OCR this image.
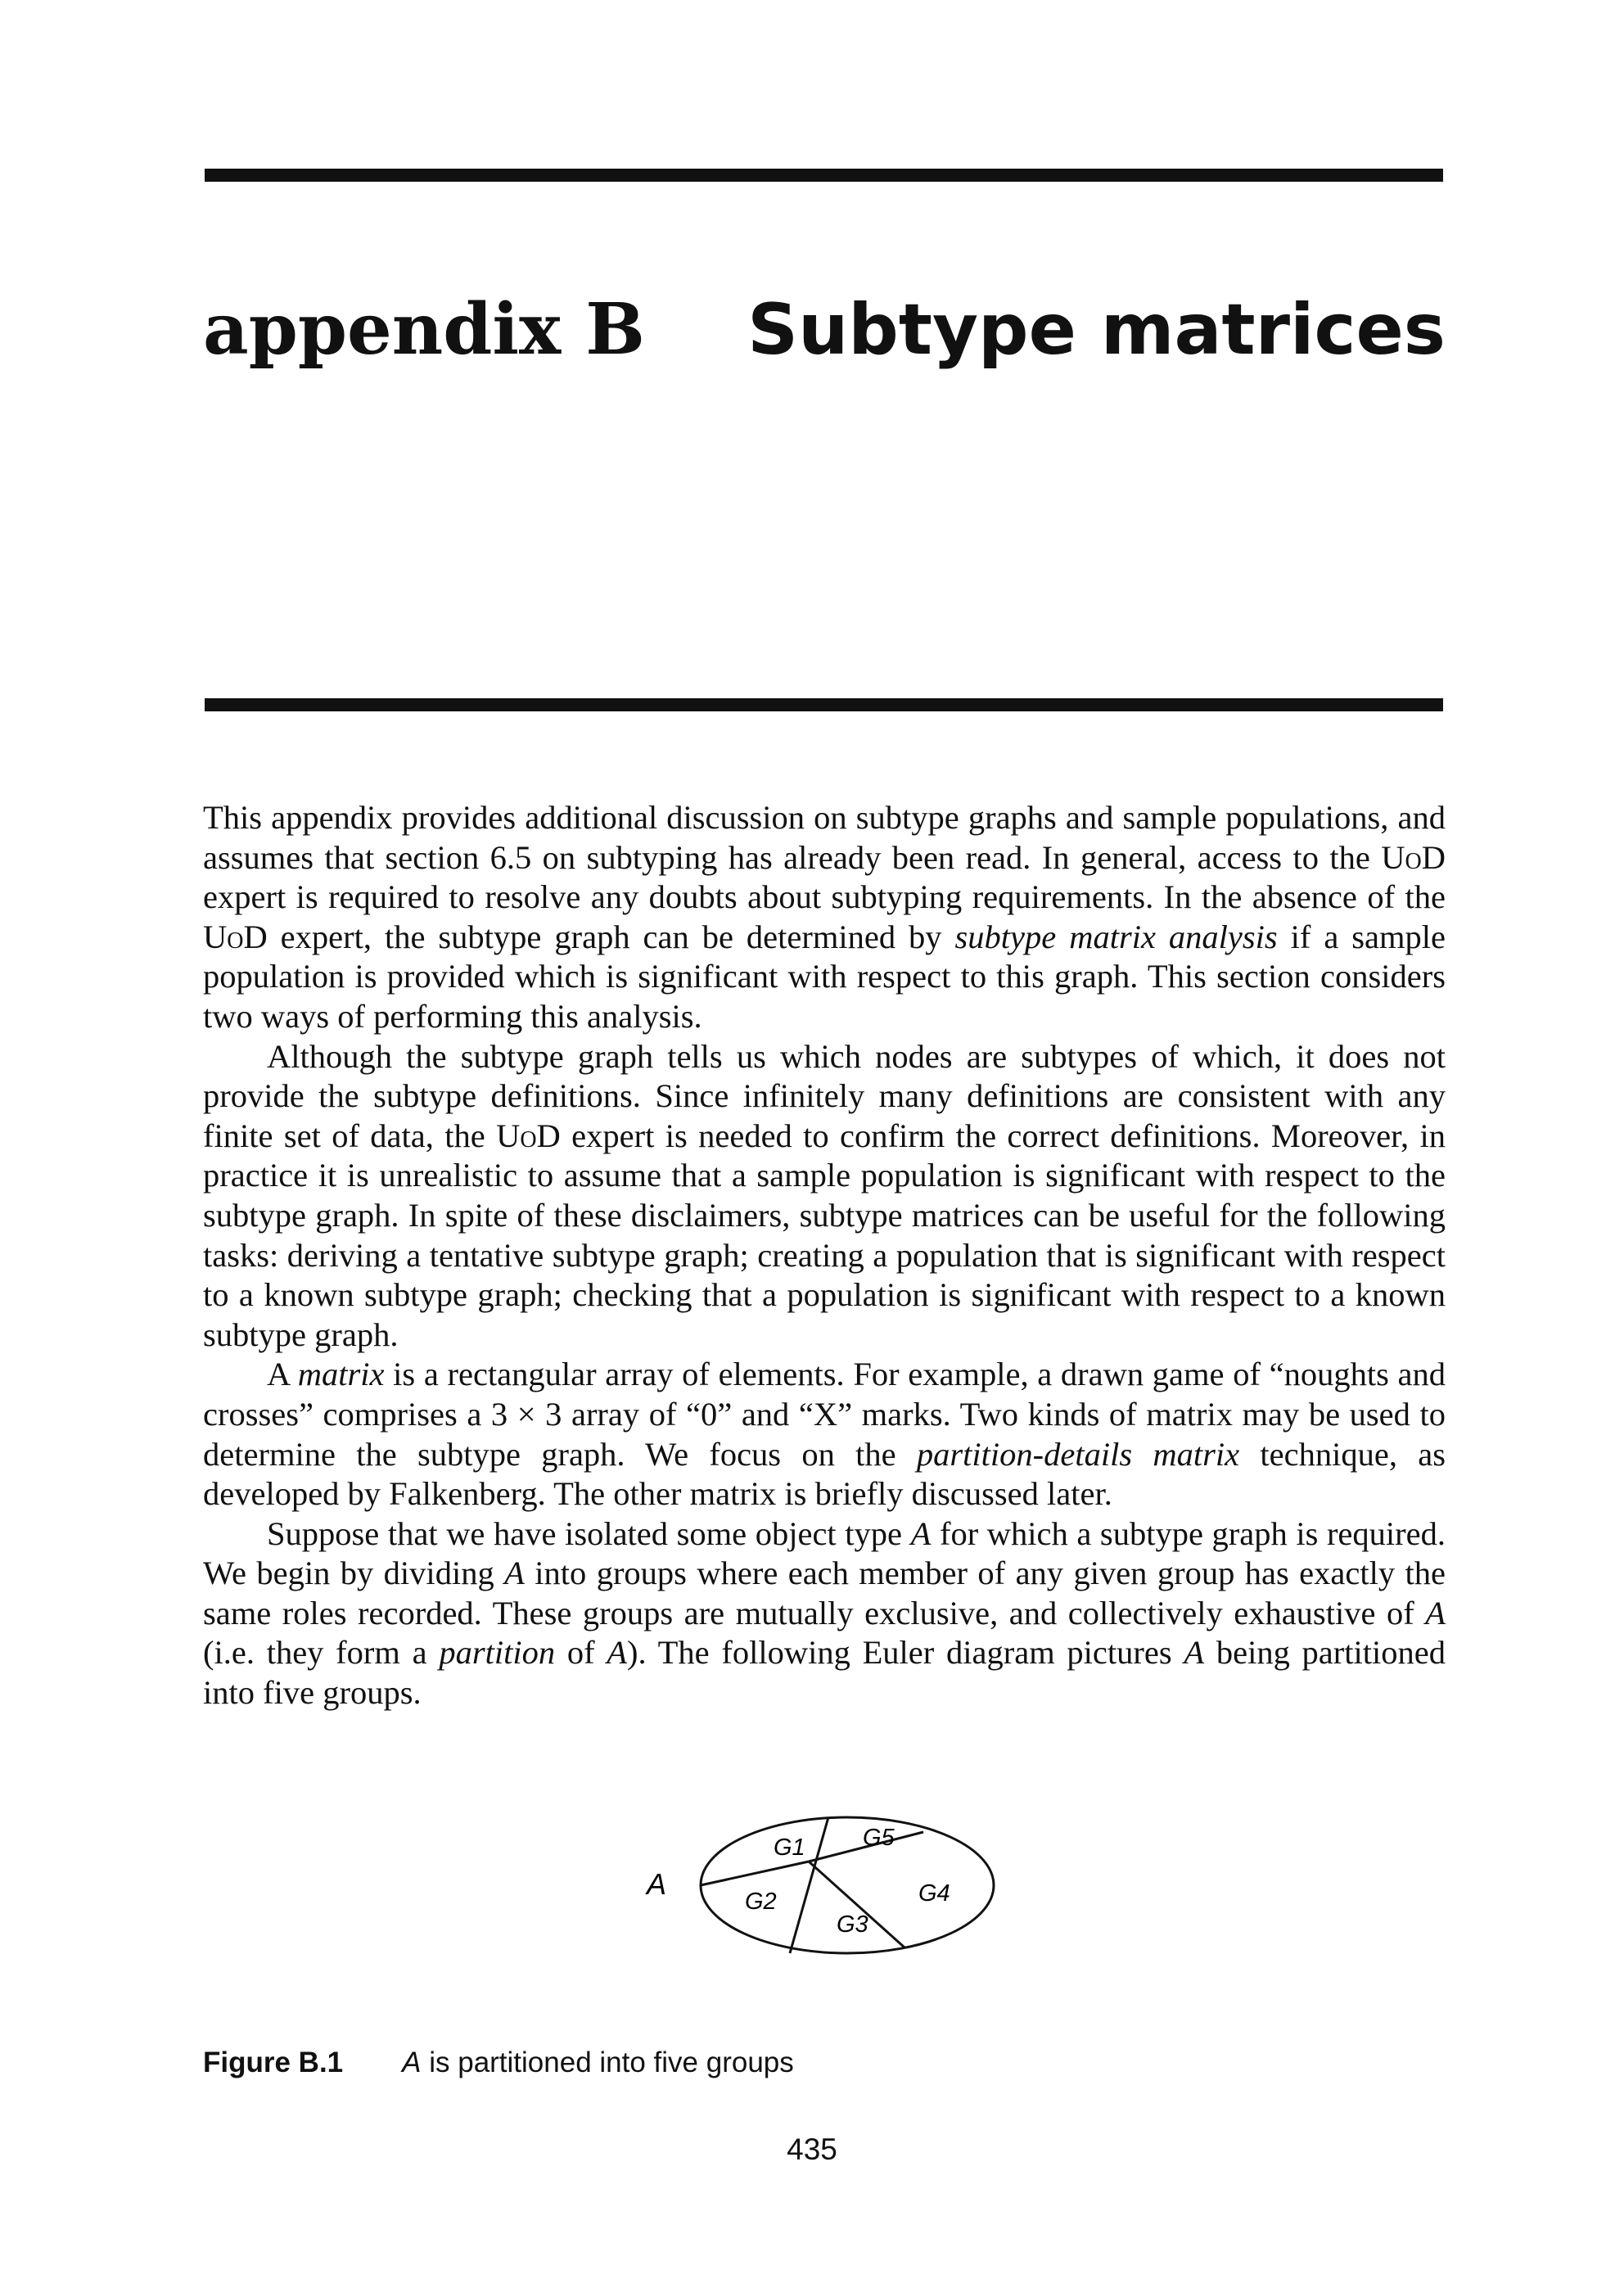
appendix B Subtype matrices

This appendix provides additional discussion on subtype graphs and sample populations, and assumes that section 6.5 on subtyping has already been read. In general, access to the UoD expert is required to resolve any doubts about subtyping requirements. In the absence of the UoD expert, the subtype graph can be determined by subtype matrix analysis if a sample population is provided which is significant with respect to this graph. This section considers two ways of performing this analysis.

Although the subtype graph tells us which nodes are subtypes of which, it does not provide the subtype definitions. Since infinitely many definitions are consistent with any finite set of data, the UoD expert is needed to confirm the correct definitions. Moreover, in practice it is unrealistic to assume that a sample population is significant with respect to the subtype graph. In spite of these disclaimers, subtype matrices can be useful for the following tasks: deriving a tentative subtype graph; creating a population that is significant with respect to a known subtype graph; checking that a population is significant with respect to a known subtype graph.

A matrix is a rectangular array of elements. For example, a drawn game of “noughts and crosses” comprises a 3 × 3 array of “0” and “X” marks. Two kinds of matrix may be used to determine the subtype graph. We focus on the partition-details matrix technique, as developed by Falkenberg. The other matrix is briefly discussed later.

Suppose that we have isolated some object type A for which a subtype graph is required. We begin by dividing A into groups where each member of any given group has exactly the same roles recorded. These groups are mutually exclusive, and collectively exhaustive of A (i.e. they form a partition of A). The following Euler diagram pictures A being partitioned into five groups.

A
G1
G2
G3
G4
G5
Figure B.1 A is partitioned into five groups
435
